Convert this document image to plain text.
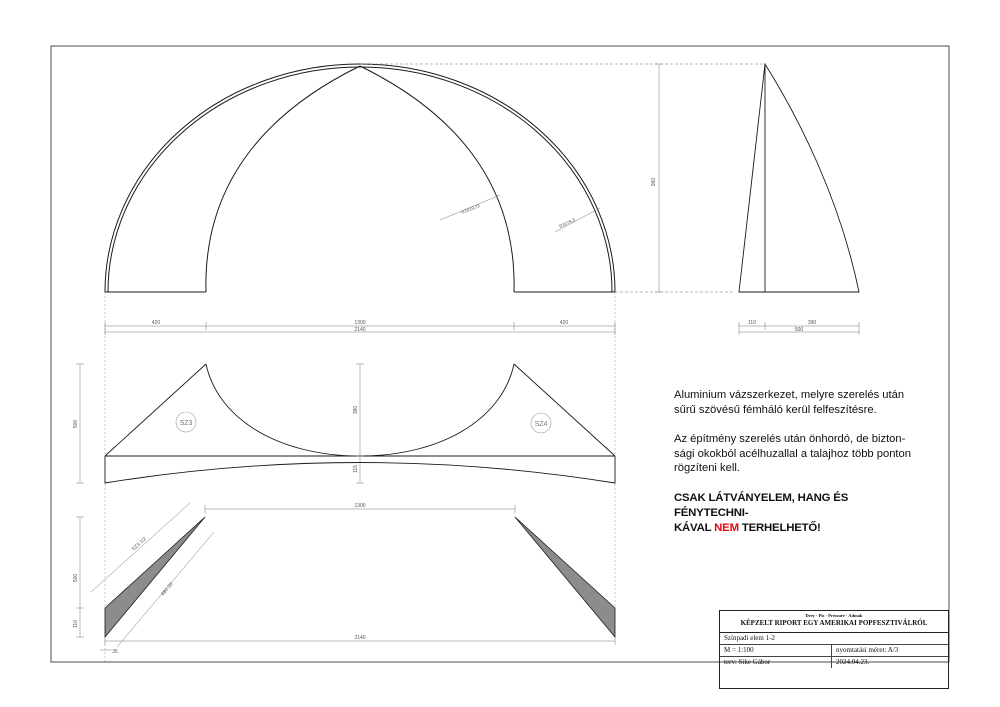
R1019,23
R1079,3
960
420	1300	420
2140
110	390
500
SZ3	SZ4
500
380
115
1300
500
110
SZ3 1/2
680,30
2140
35

Aluminium vázszerkezet, melyre szerelés után
sűrű szövésű fémháló kerül felfeszítésre.

Az építmény szerelés után önhordó, de bizton-
sági okokból acélhuzallal a talajhoz több ponton
rögzíteni kell.

CSAK LÁTVÁNYELEM, HANG ÉS FÉNYTECHNI-
KÁVAL NEM TERHELHETŐ!

Drey · Pis · Pressure · Admak
KÉPZELT RIPORT EGY AMERIKAI POPFESZTIVÁLRÓL
Színpadi elem 1-2
M = 1:100	nyomtatási méret: A/3
terv: Sike Gábor	2024.04.23.
